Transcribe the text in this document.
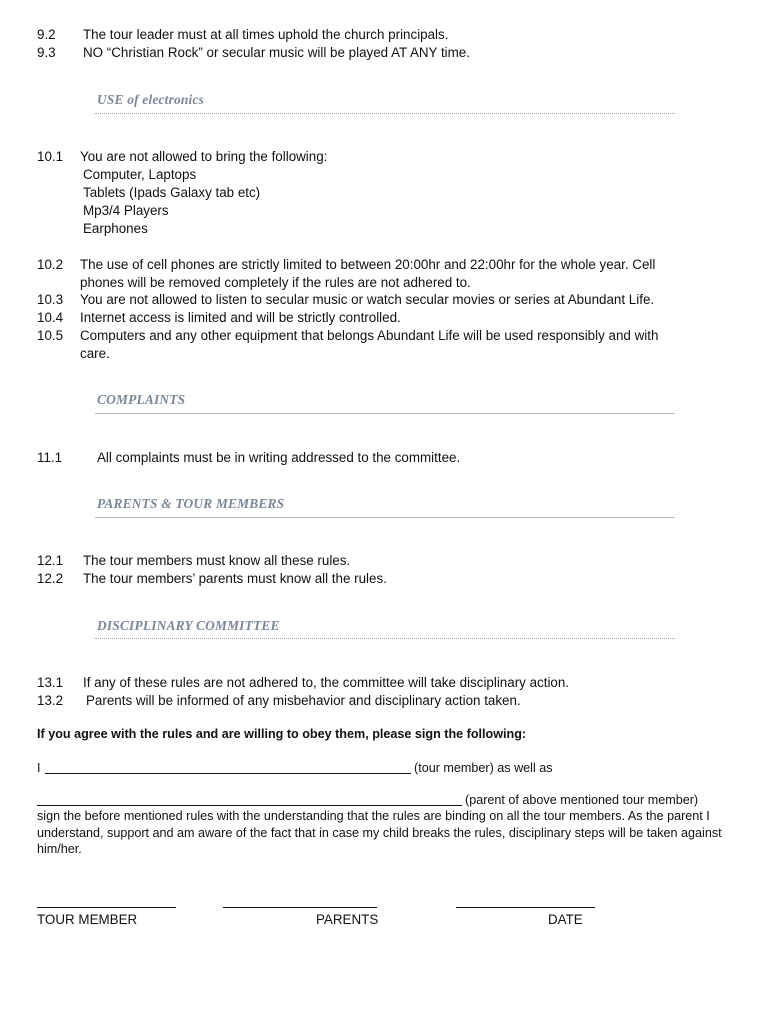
9.2 The tour leader must at all times uphold the church principals.
9.3 NO “Christian Rock” or secular music will be played AT ANY time.
USE of electronics
10.1 You are not allowed to bring the following:
Computer, Laptops
Tablets (Ipads Galaxy tab etc)
Mp3/4 Players
Earphones
10.2 The use of cell phones are strictly limited to between 20:00hr and 22:00hr for the whole year. Cell
phones will be removed completely if the rules are not adhered to.
10.3 You are not allowed to listen to secular music or watch secular movies or series at Abundant Life.
10.4 Internet access is limited and will be strictly controlled.
10.5 Computers and any other equipment that belongs Abundant Life will be used responsibly and with
care.
COMPLAINTS
11.1	All complaints must be in writing addressed to the committee.
PARENTS & TOUR MEMBERS
12.1 The tour members must know all these rules.
12.2 The tour members’ parents must know all the rules.
DISCIPLINARY COMMITTEE
13.1 If any of these rules are not adhered to, the committee will take disciplinary action.
13.2 Parents will be informed of any misbehavior and disciplinary action taken.
If you agree with the rules and are willing to obey them, please sign the following:
I	(tour member) as well as
(parent of above mentioned tour member)
sign the before mentioned rules with the understanding that the rules are binding on all the tour members. As the parent I understand, support and am aware of the fact that in case my child breaks the rules, disciplinary steps will be taken against him/her.
TOUR MEMBER	PARENTS	DATE
